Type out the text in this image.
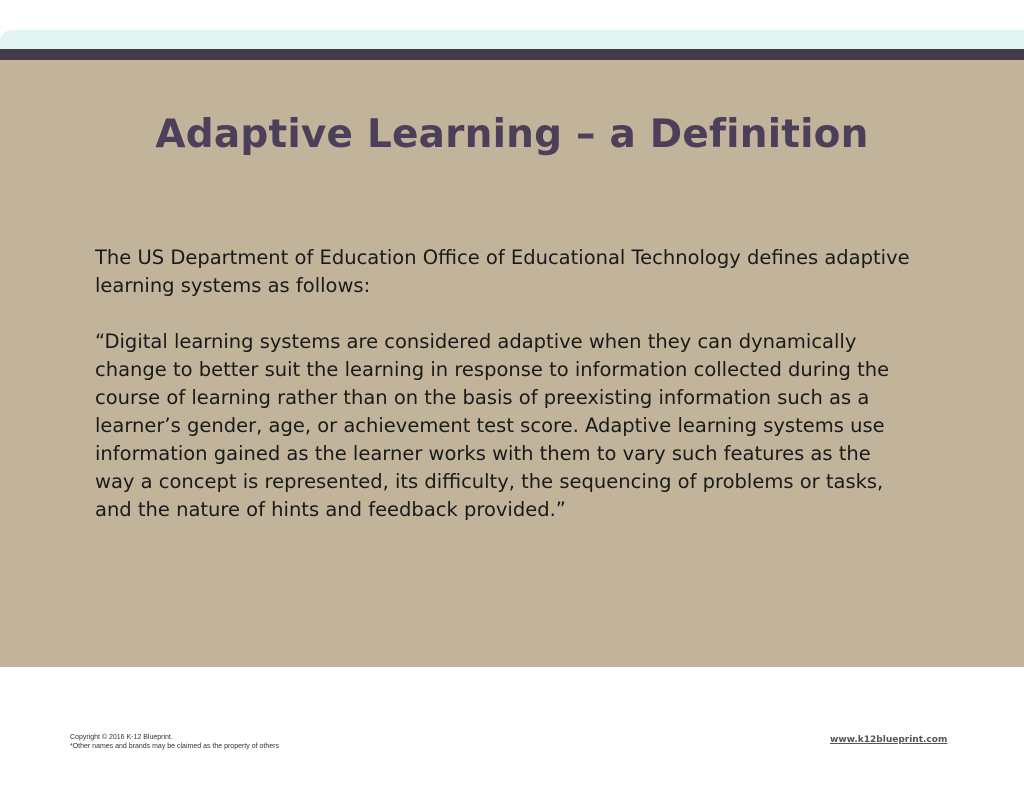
Adaptive Learning – a Definition

The US Department of Education Office of Educational Technology defines adaptive learning systems as follows:

“Digital learning systems are considered adaptive when they can dynamically change to better suit the learning in response to information collected during the course of learning rather than on the basis of preexisting information such as a learner’s gender, age, or achievement test score. Adaptive learning systems use information gained as the learner works with them to vary such features as the way a concept is represented, its difficulty, the sequencing of problems or tasks, and the nature of hints and feedback provided.”

Copyright © 2016 K-12 Blueprint.
*Other names and brands may be claimed as the property of others
www.k12blueprint.com
